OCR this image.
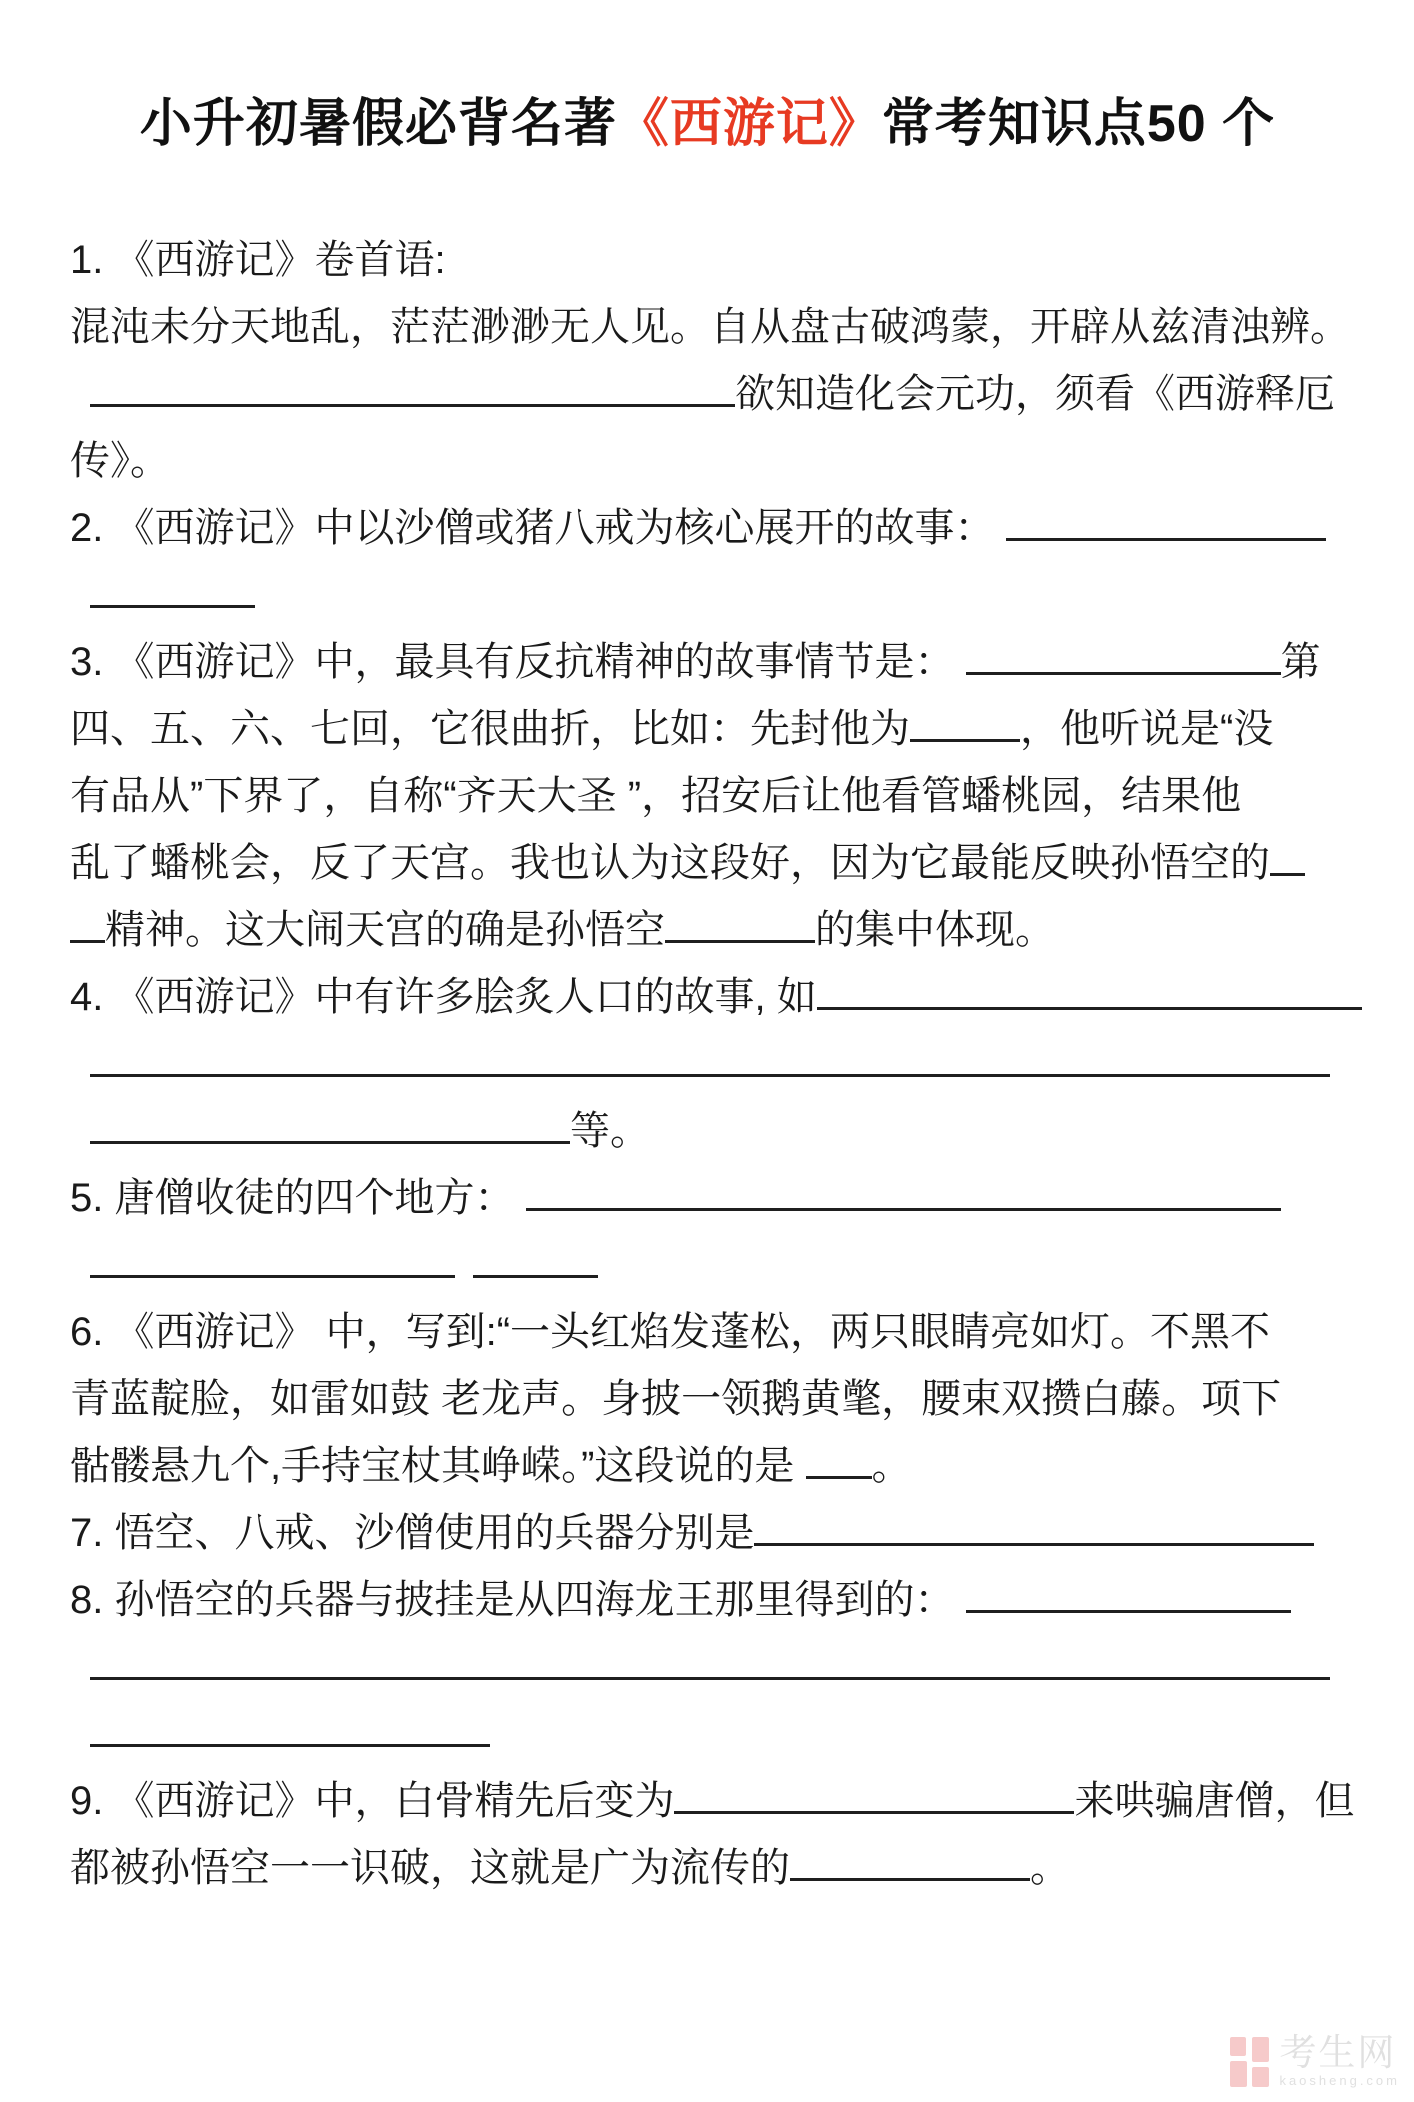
小升初暑假必背名著《西游记》常考知识点50 个
1. 《西游记》卷首语:
混沌未分天地乱，茫茫渺渺无人见。自从盘古破鸿蒙，开辟从兹清浊辨。
欲知造化会元功，须看《西游释厄
传》。
2. 《西游记》中以沙僧或猪八戒为核心展开的故事：
3. 《西游记》中，最具有反抗精神的故事情节是：	第
四、五、六、七回，它很曲折，比如：先封他为	，他听说是“没
有品从”下界了，自称“齐天大圣 ”，招安后让他看管蟠桃园，结果他
乱了蟠桃会，反了天宫。我也认为这段好，因为它最能反映孙悟空的
精神。这大闹天宫的确是孙悟空	的集中体现。
4. 《西游记》中有许多脍炙人口的故事, 如
等。
5. 唐僧收徒的四个地方：
6. 《西游记》 中，写到:“一头红焰发蓬松，两只眼睛亮如灯。不黑不
青蓝靛脸，如雷如鼓 老龙声。身披一领鹅黄氅，腰束双攒白藤。项下
骷髅悬九个,手持宝杖其峥嵘。”这段说的是 。
7. 悟空、八戒、沙僧使用的兵器分别是
8. 孙悟空的兵器与披挂是从四海龙王那里得到的：
9. 《西游记》中，白骨精先后变为	来哄骗唐僧，但
都被孙悟空一一识破，这就是广为流传的	。
考生网
kaosheng.com
